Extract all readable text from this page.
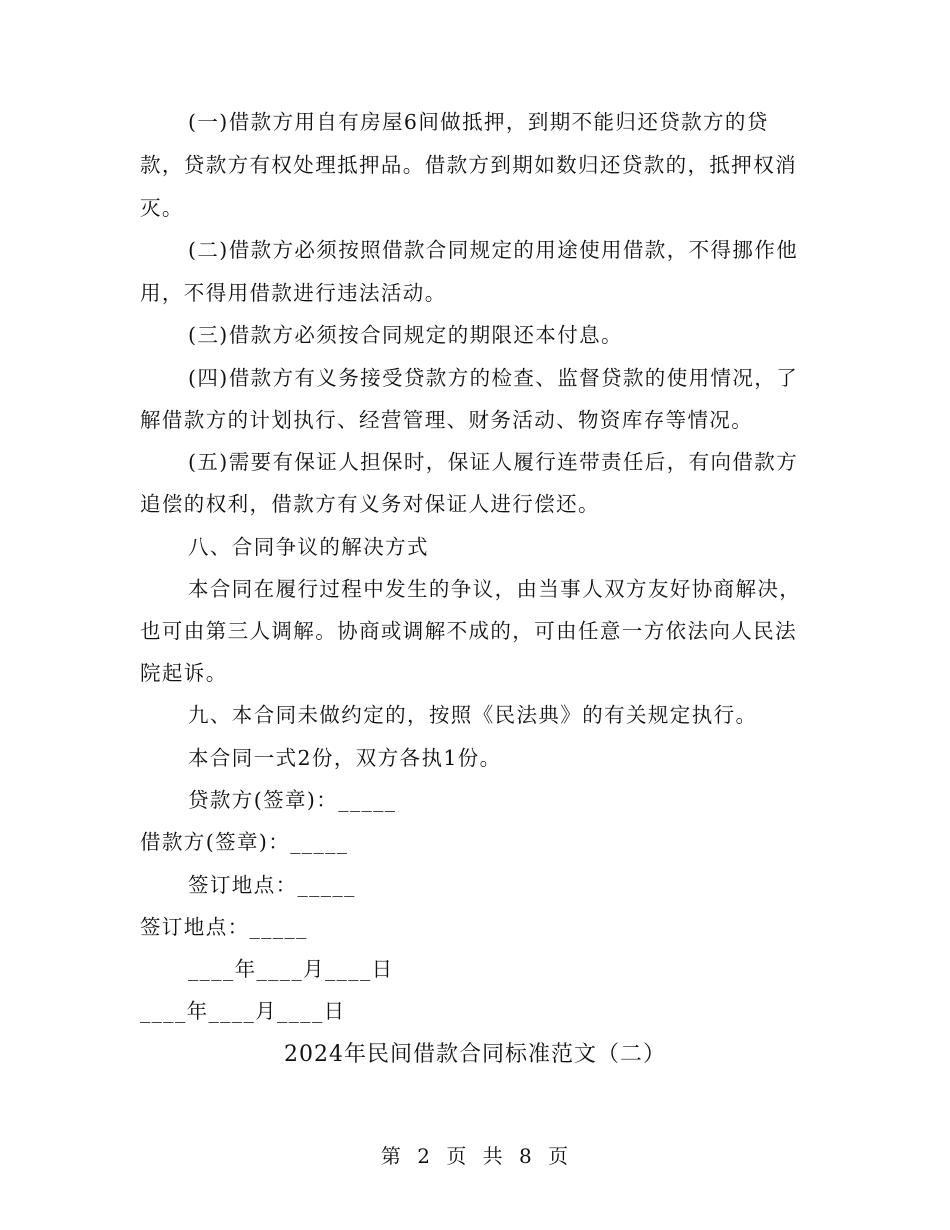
(一)借款方用自有房屋6间做抵押，到期不能归还贷款方的贷
款，贷款方有权处理抵押品。借款方到期如数归还贷款的，抵押权消
灭。
(二)借款方必须按照借款合同规定的用途使用借款，不得挪作他
用，不得用借款进行违法活动。
(三)借款方必须按合同规定的期限还本付息。
(四)借款方有义务接受贷款方的检查、监督贷款的使用情况，了
解借款方的计划执行、经营管理、财务活动、物资库存等情况。
(五)需要有保证人担保时，保证人履行连带责任后，有向借款方
追偿的权利，借款方有义务对保证人进行偿还。
八、合同争议的解决方式
本合同在履行过程中发生的争议，由当事人双方友好协商解决，
也可由第三人调解。协商或调解不成的，可由任意一方依法向人民法
院起诉。
九、本合同未做约定的，按照《民法典》的有关规定执行。
本合同一式2份，双方各执1份。
贷款方(签章)：_____
借款方(签章)：_____
签订地点：_____
签订地点：_____
____年____月____日
____年____月____日
2024年民间借款合同标准范文（二）
第 2 页 共 8 页
